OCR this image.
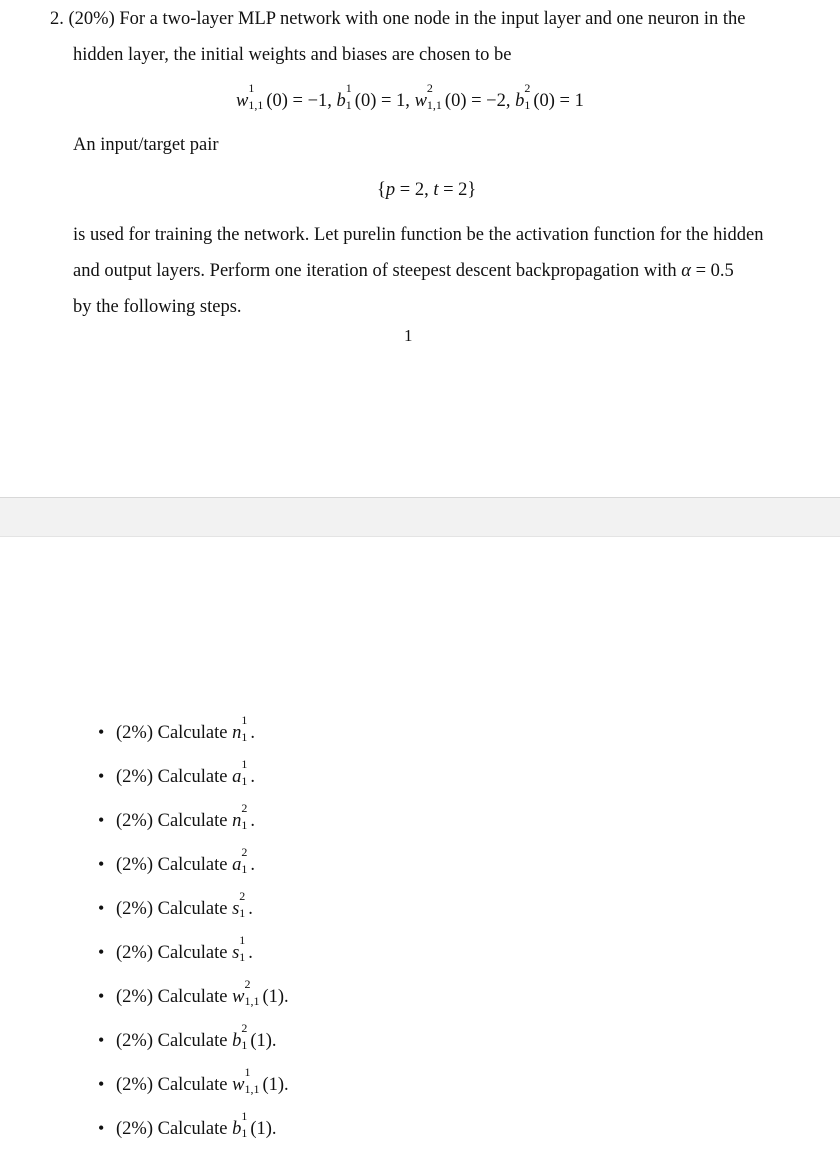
2. (20%) For a two-layer MLP network with one node in the input layer and one neuron in the
hidden layer, the initial weights and biases are chosen to be
w
1
1,1 (0) = −1, b
1
1 (0) = 1, w
2
1,1 (0) = −2, b
2
1 (0) = 1
An input/target pair
{p = 2, t = 2}
is used for training the network. Let purelin function be the activation function for the hidden
and output layers. Perform one iteration of steepest descent backpropagation with α = 0.5
by the following steps.
1
• (2%) Calculate n
1
1 .
• (2%) Calculate a
1
1 .
• (2%) Calculate n
2
1 .
• (2%) Calculate a
2
1 .
• (2%) Calculate s
2
1 .
• (2%) Calculate s
1
1 .
• (2%) Calculate w
2
1,1 (1).
• (2%) Calculate b
2
1 (1).
• (2%) Calculate w
1
1,1 (1).
• (2%) Calculate b
1
1 (1).
